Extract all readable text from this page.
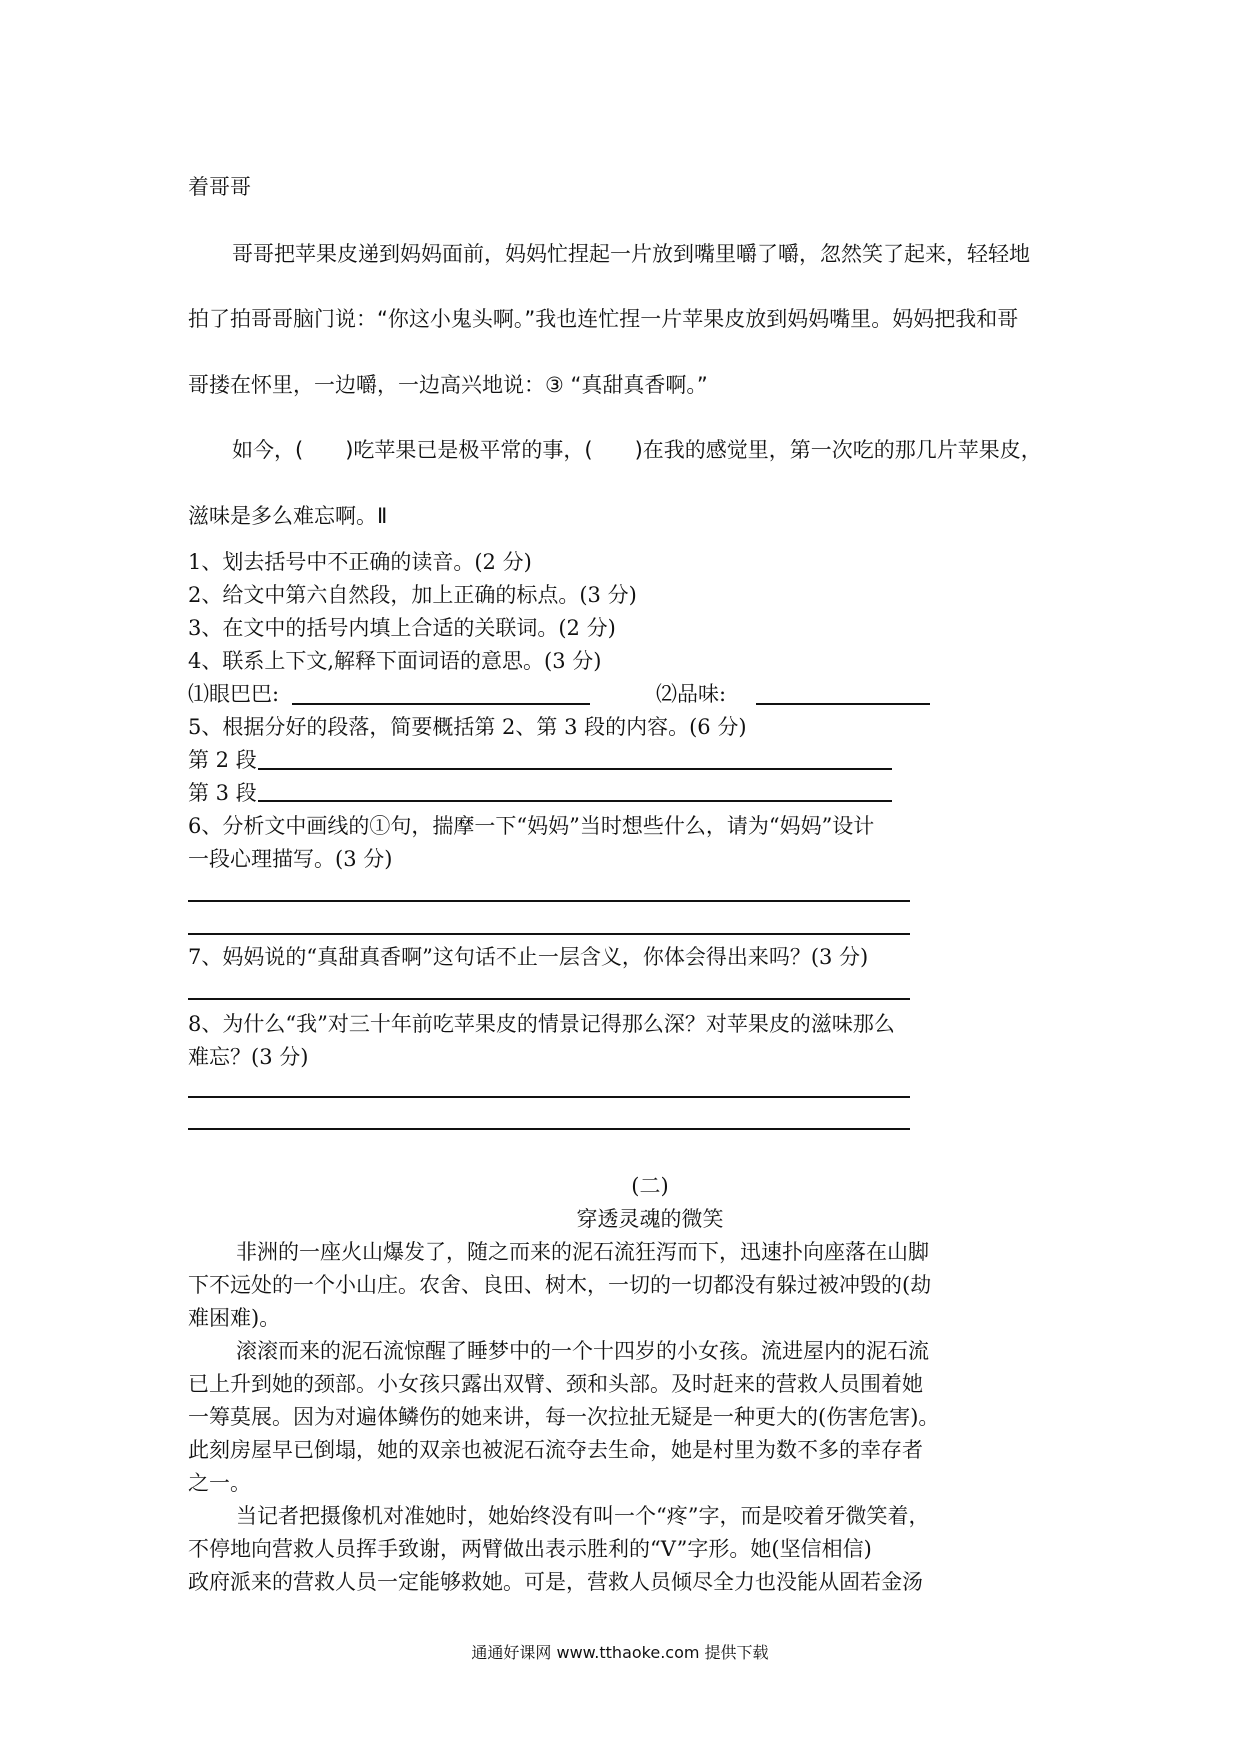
着哥哥
哥哥把苹果皮递到妈妈面前，妈妈忙捏起一片放到嘴里嚼了嚼，忽然笑了起来，轻轻地
拍了拍哥哥脑门说：“你这小鬼头啊。”我也连忙捏一片苹果皮放到妈妈嘴里。妈妈把我和哥
哥搂在怀里，一边嚼，一边高兴地说：③ “真甜真香啊。”
如今，(　　)吃苹果已是极平常的事，(　　)在我的感觉里，第一次吃的那几片苹果皮，
滋味是多么难忘啊。Ⅱ
1、划去括号中不正确的读音。(2 分)
2、给文中第六自然段，加上正确的标点。(3 分)
3、在文中的括号内填上合适的关联词。(2 分)
4、联系上下文,解释下面词语的意思。(3 分)
⑴眼巴巴:	⑵品味:
5、根据分好的段落，简要概括第 2、第 3 段的内容。(6 分)
第 2 段
第 3 段
6、分析文中画线的①句，揣摩一下“妈妈”当时想些什么，请为“妈妈”设计
一段心理描写。(3 分)
7、妈妈说的“真甜真香啊”这句话不止一层含义，你体会得出来吗？(3 分)
8、为什么“我”对三十年前吃苹果皮的情景记得那么深？对苹果皮的滋味那么
难忘？(3 分)
(二)
穿透灵魂的微笑
非洲的一座火山爆发了，随之而来的泥石流狂泻而下，迅速扑向座落在山脚
下不远处的一个小山庄。农舍、良田、树木，一切的一切都没有躲过被冲毁的(劫
难困难)。
滚滚而来的泥石流惊醒了睡梦中的一个十四岁的小女孩。流进屋内的泥石流
已上升到她的颈部。小女孩只露出双臂、颈和头部。及时赶来的营救人员围着她
一筹莫展。因为对遍体鳞伤的她来讲，每一次拉扯无疑是一种更大的(伤害危害)。
此刻房屋早已倒塌，她的双亲也被泥石流夺去生命，她是村里为数不多的幸存者
之一。
当记者把摄像机对准她时，她始终没有叫一个“疼”字，而是咬着牙微笑着，
不停地向营救人员挥手致谢，两臂做出表示胜利的“V”字形。她(坚信相信)
政府派来的营救人员一定能够救她。可是，营救人员倾尽全力也没能从固若金汤
通通好课网 www.tthaoke.com 提供下载
